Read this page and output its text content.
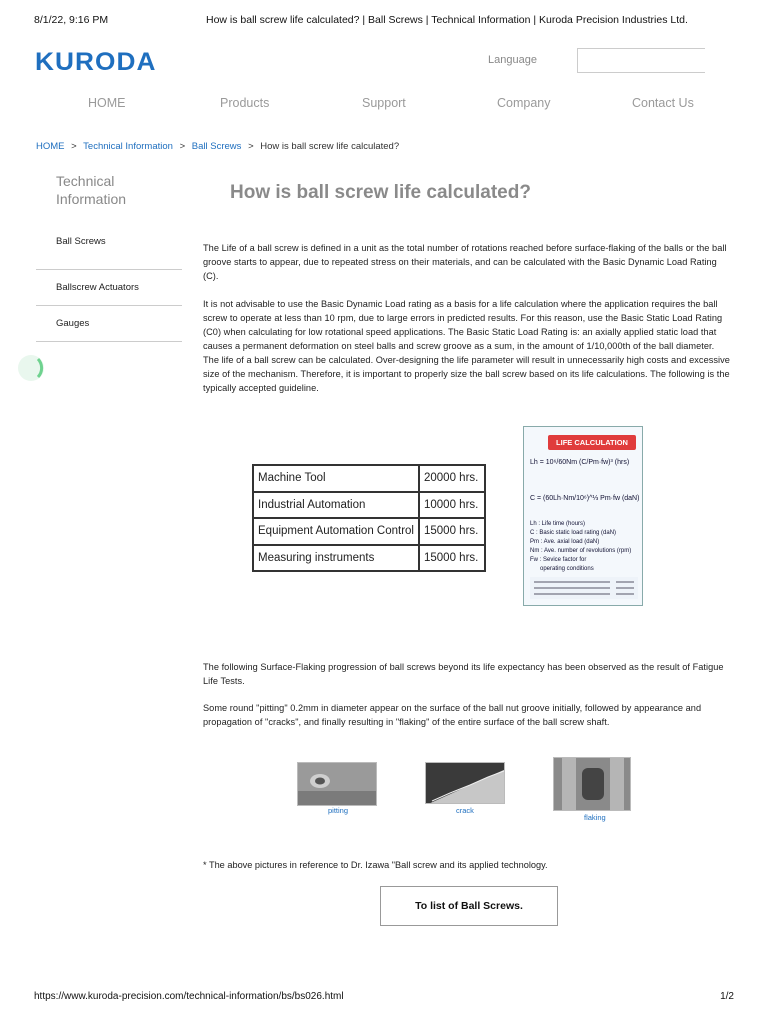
8/1/22, 9:16 PM	How is ball screw life calculated? | Ball Screws | Technical Information | Kuroda Precision Industries Ltd.
KURODA	Language
HOME	Products	Support	Company	Contact Us
HOME > Technical Information > Ball Screws > How is ball screw life calculated?
Technical
Information
Ball Screws
Ballscrew Actuators
Gauges
How is ball screw life calculated?
The Life of a ball screw is defined in a unit as the total number of rotations reached before surface-flaking of the balls or the ball groove starts to appear, due to repeated stress on their materials, and can be calculated with the Basic Dynamic Load Rating (C).
It is not advisable to use the Basic Dynamic Load rating as a basis for a life calculation where the application requires the ball screw to operate at less than 10 rpm, due to large errors in predicted results. For this reason, use the Basic Static Load Rating (C0) when calculating for low rotational speed applications. The Basic Static Load Rating is: an axially applied static load that causes a permanent deformation on steel balls and screw groove as a sum, in the amount of 1/10,000th of the ball diameter. The life of a ball screw can be calculated. Over-designing the life parameter will result in unnecessarily high costs and excessive size of the mechanism. Therefore, it is important to properly size the ball screw based on its life calculations. The following is the typically accepted guideline.
Machine Tool	20000 hrs.
Industrial Automation	10000 hrs.
Equipment Automation Control	15000 hrs.
Measuring instruments	15000 hrs.
LIFE CALCULATION
Lh = 10⁶/60Nm (C/Pm·fw)³ (hrs)
C = (60Lh·Nm/10⁶)^⅓ Pm·fw (daN)
Lh : Life time (hours)
C : Basic static load rating (daN)
Pm : Ave. axial load (daN)
Nm : Ave. number of revolutions (rpm)
Fw : Sevice factor for
operating conditions
The following Surface-Flaking progression of ball screws beyond its life expectancy has been observed as the result of Fatigue Life Tests.
Some round "pitting" 0.2mm in diameter appear on the surface of the ball nut groove initially, followed by appearance and propagation of "cracks", and finally resulting in "flaking" of the entire surface of the ball screw shaft.
pitting	crack
flaking
* The above pictures in reference to Dr. Izawa "Ball screw and its applied technology.
To list of Ball Screws.
https://www.kuroda-precision.com/technical-information/bs/bs026.html	1/2
